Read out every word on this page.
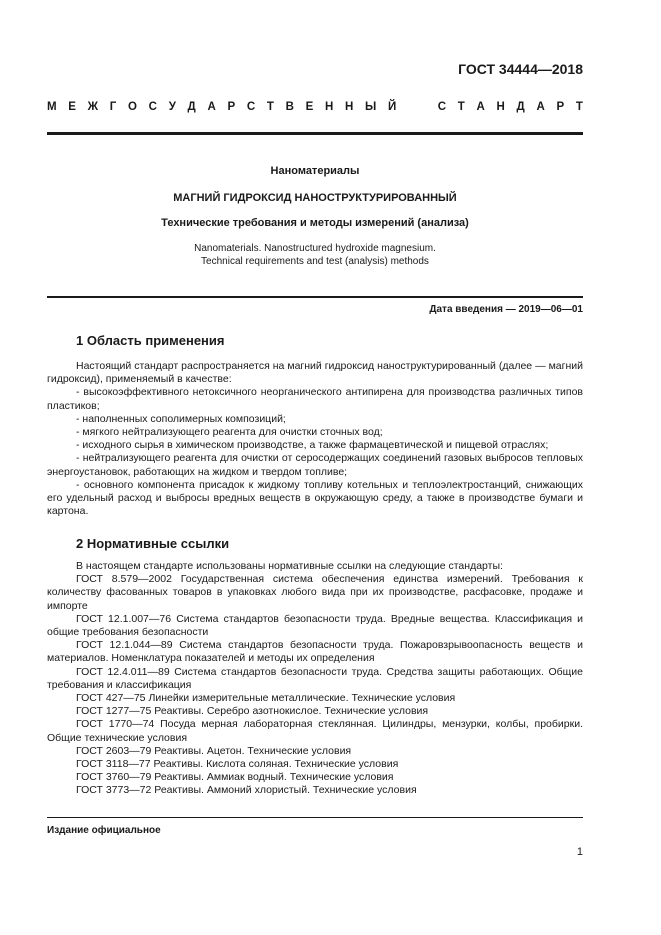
ГОСТ 34444—2018
М Е Ж Г О С У Д А Р С Т В Е Н Н Ы Й

	С Т А Н Д А Р Т
Наноматериалы
МАГНИЙ ГИДРОКСИД НАНОСТРУКТУРИРОВАННЫЙ
Технические требования и методы измерений (анализа)
Nanomaterials. Nanostructured hydroxide magnesium.
Technical requirements and test (analysis) methods
Дата введения — 2019—06—01
1 Область применения

Настоящий стандарт распространяется на магний гидроксид наноструктурированный (далее — магний гидроксид), применяемый в качестве:

- высокоэффективного нетоксичного неорганического антипирена для производства различных типов пластиков;

- наполненных сополимерных композиций;

- мягкого нейтрализующего реагента для очистки сточных вод;

- исходного сырья в химическом производстве, а также фармацевтической и пищевой отраслях;

- нейтрализующего реагента для очистки от серосодержащих соединений газовых выбросов тепловых энергоустановок, работающих на жидком и твердом топливе;

- основного компонента присадок к жидкому топливу котельных и теплоэлектростанций, снижающих его удельный расход и выбросы вредных веществ в окружающую среду, а также в производстве бумаги и картона.

2 Нормативные ссылки

В настоящем стандарте использованы нормативные ссылки на следующие стандарты:

ГОСТ 8.579—2002 Государственная система обеспечения единства измерений. Требования к количеству фасованных товаров в упаковках любого вида при их производстве, расфасовке, продаже и импорте

ГОСТ 12.1.007—76 Система стандартов безопасности труда. Вредные вещества. Классификация и общие требования безопасности

ГОСТ 12.1.044—89 Система стандартов безопасности труда. Пожаровзрывоопасность веществ и материалов. Номенклатура показателей и методы их определения

ГОСТ 12.4.011—89 Система стандартов безопасности труда. Средства защиты работающих. Общие требования и классификация

ГОСТ 427—75 Линейки измерительные металлические. Технические условия

ГОСТ 1277—75 Реактивы. Серебро азотнокислое. Технические условия

ГОСТ 1770—74 Посуда мерная лабораторная стеклянная. Цилиндры, мензурки, колбы, пробирки. Общие технические условия

ГОСТ 2603—79 Реактивы. Ацетон. Технические условия

ГОСТ 3118—77 Реактивы. Кислота соляная. Технические условия

ГОСТ 3760—79 Реактивы. Аммиак водный. Технические условия

ГОСТ 3773—72 Реактивы. Аммоний хлористый. Технические условия

Издание официальное
1
